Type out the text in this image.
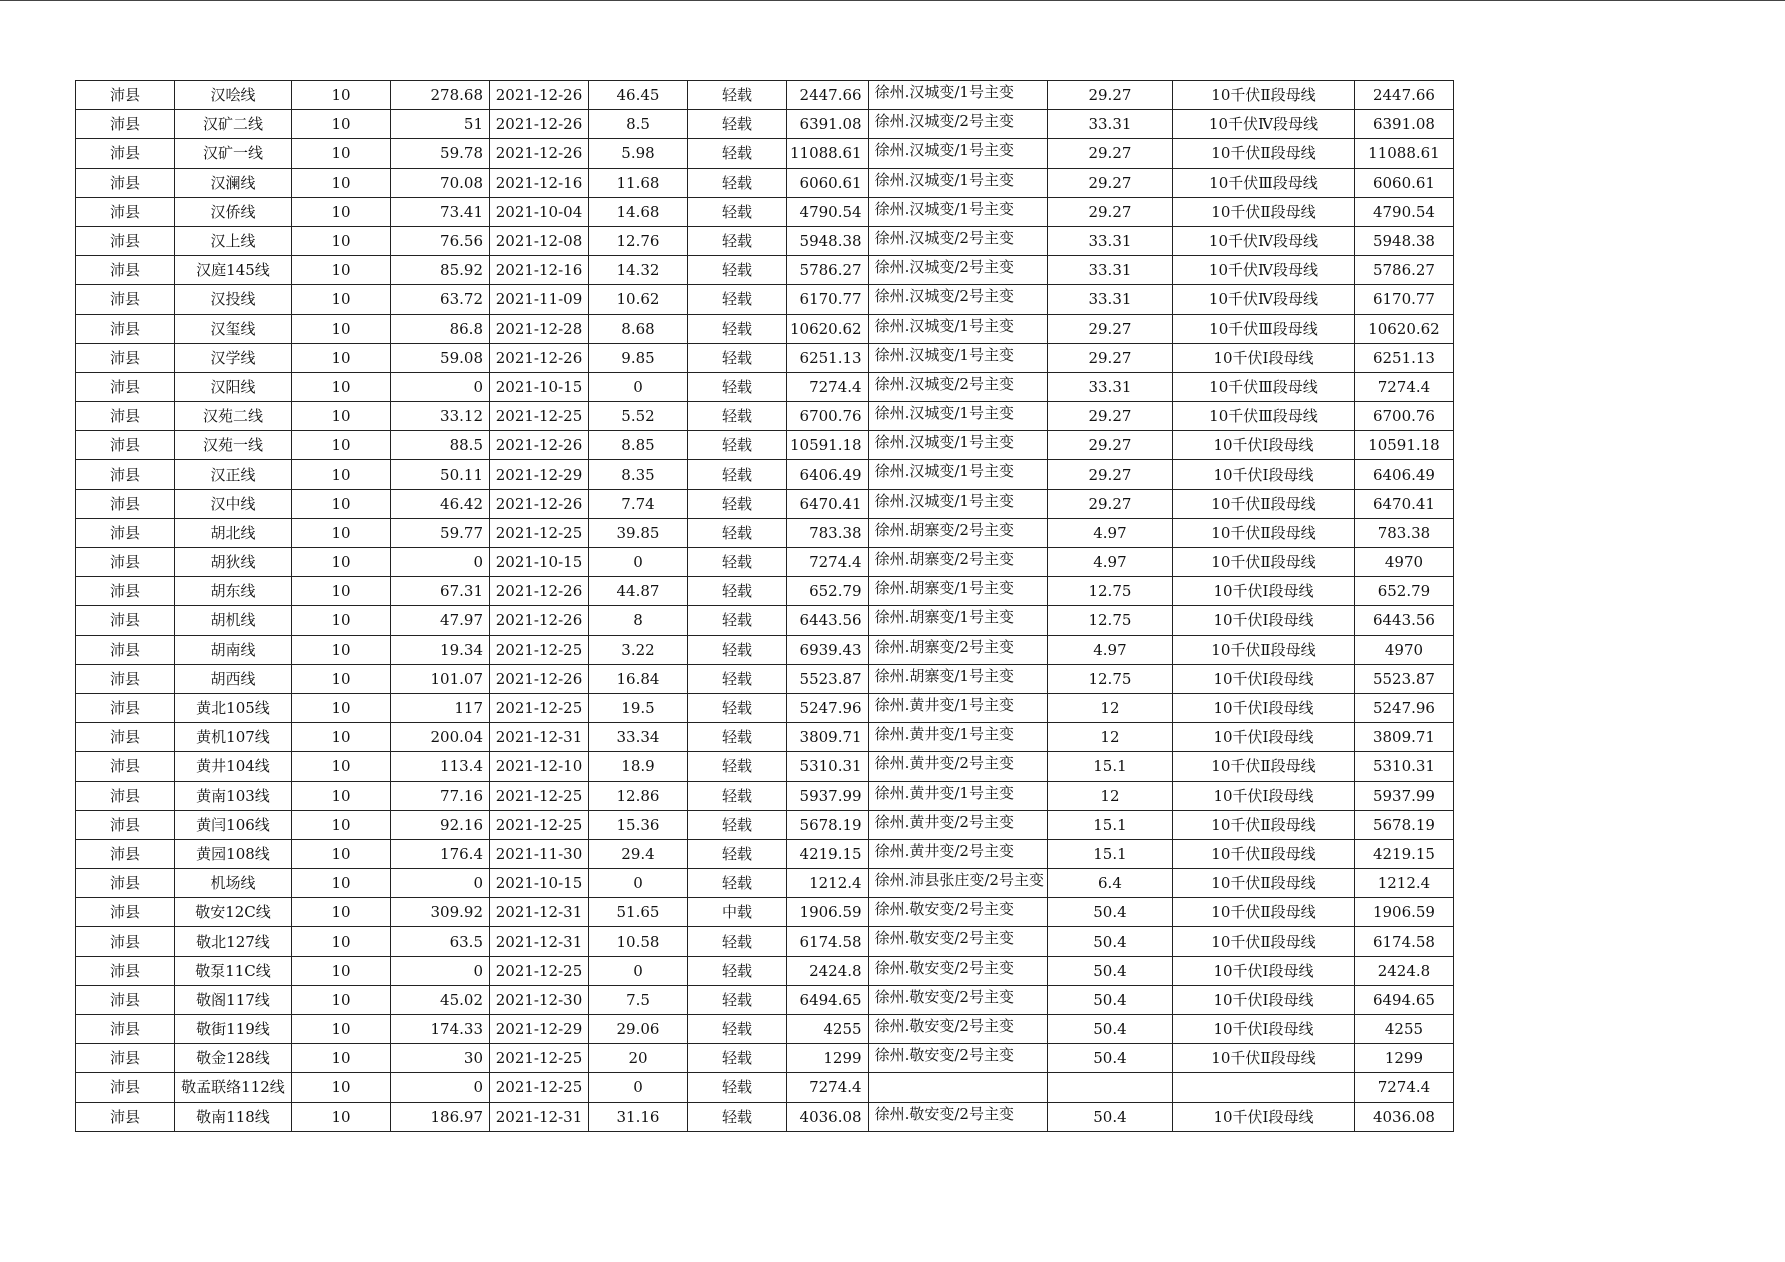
沛县	汉哙线	10	278.68	2021-12-26	46.45	轻载	2447.66	徐州.汉城变/1号主变	29.27	10千伏Ⅱ段母线	2447.66
沛县	汉矿二线	10	51	2021-12-26	8.5	轻载	6391.08	徐州.汉城变/2号主变	33.31	10千伏Ⅳ段母线	6391.08
沛县	汉矿一线	10	59.78	2021-12-26	5.98	轻载	11088.61	徐州.汉城变/1号主变	29.27	10千伏Ⅱ段母线	11088.61
沛县	汉澜线	10	70.08	2021-12-16	11.68	轻载	6060.61	徐州.汉城变/1号主变	29.27	10千伏Ⅲ段母线	6060.61
沛县	汉侨线	10	73.41	2021-10-04	14.68	轻载	4790.54	徐州.汉城变/1号主变	29.27	10千伏Ⅱ段母线	4790.54
沛县	汉上线	10	76.56	2021-12-08	12.76	轻载	5948.38	徐州.汉城变/2号主变	33.31	10千伏Ⅳ段母线	5948.38
沛县	汉庭145线	10	85.92	2021-12-16	14.32	轻载	5786.27	徐州.汉城变/2号主变	33.31	10千伏Ⅳ段母线	5786.27
沛县	汉投线	10	63.72	2021-11-09	10.62	轻载	6170.77	徐州.汉城变/2号主变	33.31	10千伏Ⅳ段母线	6170.77
沛县	汉玺线	10	86.8	2021-12-28	8.68	轻载	10620.62	徐州.汉城变/1号主变	29.27	10千伏Ⅲ段母线	10620.62
沛县	汉学线	10	59.08	2021-12-26	9.85	轻载	6251.13	徐州.汉城变/1号主变	29.27	10千伏Ⅰ段母线	6251.13
沛县	汉阳线	10	0	2021-10-15	0	轻载	7274.4	徐州.汉城变/2号主变	33.31	10千伏Ⅲ段母线	7274.4
沛县	汉苑二线	10	33.12	2021-12-25	5.52	轻载	6700.76	徐州.汉城变/1号主变	29.27	10千伏Ⅲ段母线	6700.76
沛县	汉苑一线	10	88.5	2021-12-26	8.85	轻载	10591.18	徐州.汉城变/1号主变	29.27	10千伏Ⅰ段母线	10591.18
沛县	汉正线	10	50.11	2021-12-29	8.35	轻载	6406.49	徐州.汉城变/1号主变	29.27	10千伏Ⅰ段母线	6406.49
沛县	汉中线	10	46.42	2021-12-26	7.74	轻载	6470.41	徐州.汉城变/1号主变	29.27	10千伏Ⅱ段母线	6470.41
沛县	胡北线	10	59.77	2021-12-25	39.85	轻载	783.38	徐州.胡寨变/2号主变	4.97	10千伏Ⅱ段母线	783.38
沛县	胡狄线	10	0	2021-10-15	0	轻载	7274.4	徐州.胡寨变/2号主变	4.97	10千伏Ⅱ段母线	4970
沛县	胡东线	10	67.31	2021-12-26	44.87	轻载	652.79	徐州.胡寨变/1号主变	12.75	10千伏Ⅰ段母线	652.79
沛县	胡机线	10	47.97	2021-12-26	8	轻载	6443.56	徐州.胡寨变/1号主变	12.75	10千伏Ⅰ段母线	6443.56
沛县	胡南线	10	19.34	2021-12-25	3.22	轻载	6939.43	徐州.胡寨变/2号主变	4.97	10千伏Ⅱ段母线	4970
沛县	胡西线	10	101.07	2021-12-26	16.84	轻载	5523.87	徐州.胡寨变/1号主变	12.75	10千伏Ⅰ段母线	5523.87
沛县	黄北105线	10	117	2021-12-25	19.5	轻载	5247.96	徐州.黄井变/1号主变	12	10千伏Ⅰ段母线	5247.96
沛县	黄机107线	10	200.04	2021-12-31	33.34	轻载	3809.71	徐州.黄井变/1号主变	12	10千伏Ⅰ段母线	3809.71
沛县	黄井104线	10	113.4	2021-12-10	18.9	轻载	5310.31	徐州.黄井变/2号主变	15.1	10千伏Ⅱ段母线	5310.31
沛县	黄南103线	10	77.16	2021-12-25	12.86	轻载	5937.99	徐州.黄井变/1号主变	12	10千伏Ⅰ段母线	5937.99
沛县	黄闫106线	10	92.16	2021-12-25	15.36	轻载	5678.19	徐州.黄井变/2号主变	15.1	10千伏Ⅱ段母线	5678.19
沛县	黄园108线	10	176.4	2021-11-30	29.4	轻载	4219.15	徐州.黄井变/2号主变	15.1	10千伏Ⅱ段母线	4219.15
沛县	机场线	10	0	2021-10-15	0	轻载	1212.4	徐州.沛县张庄变/2号主变	6.4	10千伏Ⅱ段母线	1212.4
沛县	敬安12C线	10	309.92	2021-12-31	51.65	中载	1906.59	徐州.敬安变/2号主变	50.4	10千伏Ⅱ段母线	1906.59
沛县	敬北127线	10	63.5	2021-12-31	10.58	轻载	6174.58	徐州.敬安变/2号主变	50.4	10千伏Ⅱ段母线	6174.58
沛县	敬泵11C线	10	0	2021-12-25	0	轻载	2424.8	徐州.敬安变/2号主变	50.4	10千伏Ⅰ段母线	2424.8
沛县	敬阁117线	10	45.02	2021-12-30	7.5	轻载	6494.65	徐州.敬安变/2号主变	50.4	10千伏Ⅰ段母线	6494.65
沛县	敬街119线	10	174.33	2021-12-29	29.06	轻载	4255	徐州.敬安变/2号主变	50.4	10千伏Ⅰ段母线	4255
沛县	敬金128线	10	30	2021-12-25	20	轻载	1299	徐州.敬安变/2号主变	50.4	10千伏Ⅱ段母线	1299
沛县	敬孟联络112线	10	0	2021-12-25	0	轻载	7274.4				7274.4
沛县	敬南118线	10	186.97	2021-12-31	31.16	轻载	4036.08	徐州.敬安变/2号主变	50.4	10千伏Ⅰ段母线	4036.08
